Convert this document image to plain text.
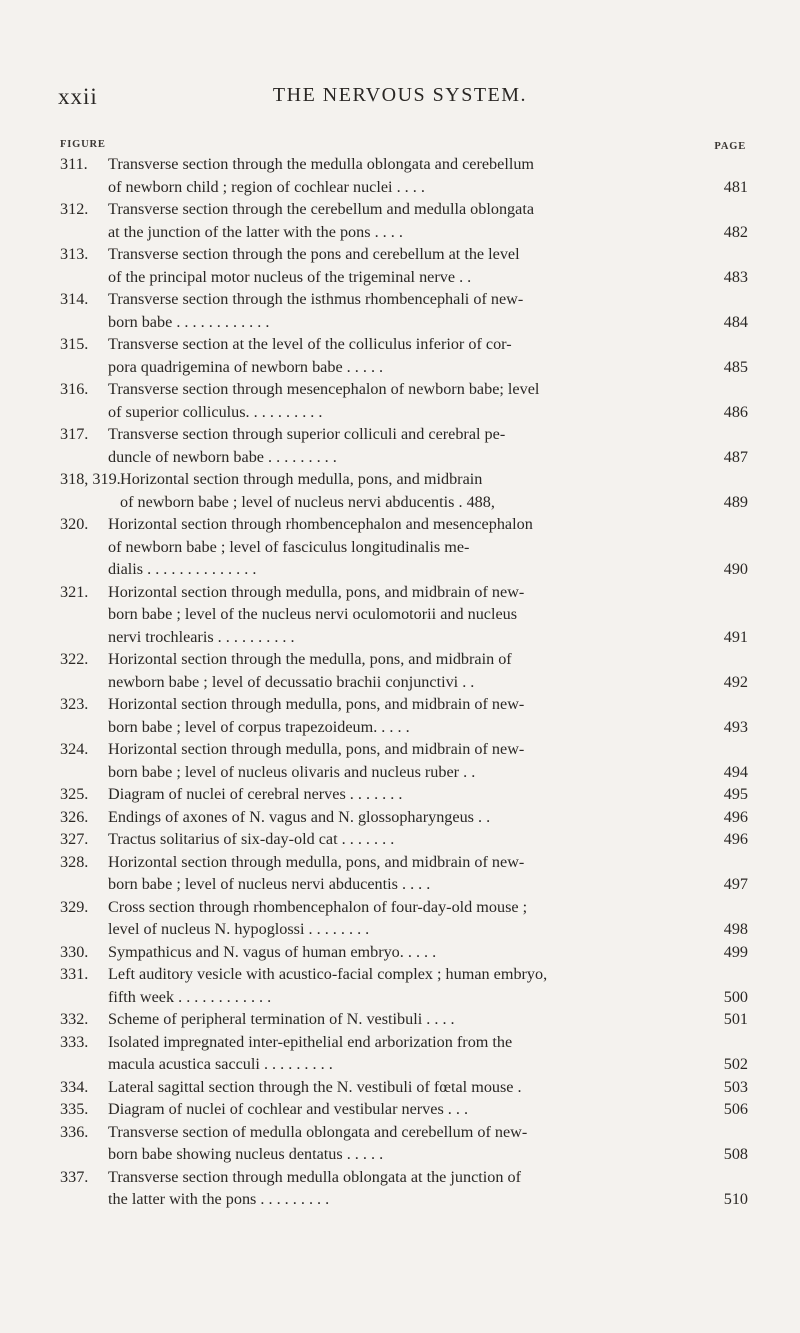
xxii	THE NERVOUS SYSTEM.
FIGURE	PAGE
311.	Transverse section through the medulla oblongata and cerebellum
of newborn child ; region of cochlear nuclei . . . .	481
312.	Transverse section through the cerebellum and medulla oblongata
at the junction of the latter with the pons . . . .	482
313.	Transverse section through the pons and cerebellum at the level
of the principal motor nucleus of the trigeminal nerve . .	483
314.	Transverse section through the isthmus rhombencephali of new-
born babe . . . . . . . . . . . .	484
315.	Transverse section at the level of the colliculus inferior of cor-
pora quadrigemina of newborn babe . . . . .	485
316.	Transverse section through mesencephalon of newborn babe; level
of superior colliculus. . . . . . . . . .	486
317.	Transverse section through superior colliculi and cerebral pe-
duncle of newborn babe . . . . . . . . .	487
318, 319. Horizontal section through medulla, pons, and midbrain
of newborn babe ; level of nucleus nervi abducentis . 488,	489
320.	Horizontal section through rhombencephalon and mesencephalon
of newborn babe ; level of fasciculus longitudinalis me-
dialis . . . . . . . . . . . . . .	490
321.	Horizontal section through medulla, pons, and midbrain of new-
born babe ; level of the nucleus nervi oculomotorii and nucleus
nervi trochlearis . . . . . . . . . .	491
322.	Horizontal section through the medulla, pons, and midbrain of
newborn babe ; level of decussatio brachii conjunctivi . .	492
323.	Horizontal section through medulla, pons, and midbrain of new-
born babe ; level of corpus trapezoideum. . . . .	493
324.	Horizontal section through medulla, pons, and midbrain of new-
born babe ; level of nucleus olivaris and nucleus ruber . .	494
325.	Diagram of nuclei of cerebral nerves . . . . . . .	495
326.	Endings of axones of N. vagus and N. glossopharyngeus . .	496
327.	Tractus solitarius of six-day-old cat . . . . . . .	496
328.	Horizontal section through medulla, pons, and midbrain of new-
born babe ; level of nucleus nervi abducentis . . . .	497
329.	Cross section through rhombencephalon of four-day-old mouse ;
level of nucleus N. hypoglossi . . . . . . . .	498
330.	Sympathicus and N. vagus of human embryo. . . . .	499
331.	Left auditory vesicle with acustico-facial complex ; human embryo,
fifth week . . . . . . . . . . . .	500
332.	Scheme of peripheral termination of N. vestibuli . . . .	501
333.	Isolated impregnated inter-epithelial end arborization from the
macula acustica sacculi . . . . . . . . .	502
334.	Lateral sagittal section through the N. vestibuli of fœtal mouse .	503
335.	Diagram of nuclei of cochlear and vestibular nerves . . .	506
336.	Transverse section of medulla oblongata and cerebellum of new-
born babe showing nucleus dentatus . . . . .	508
337.	Transverse section through medulla oblongata at the junction of
the latter with the pons . . . . . . . . .	510
